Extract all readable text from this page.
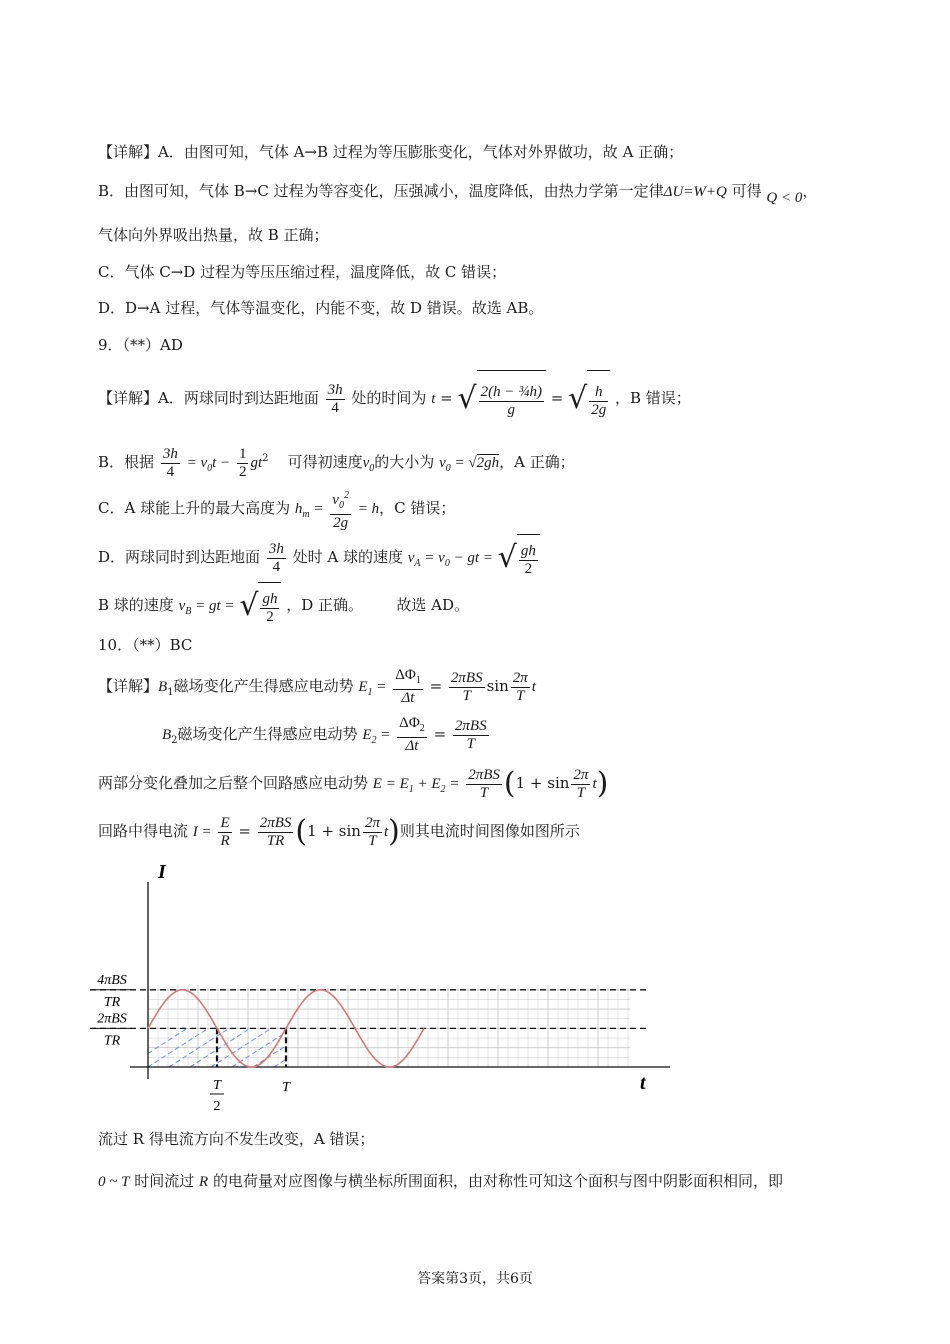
【详解】A．由图可知，气体 A→B 过程为等压膨胀变化，气体对外界做功，故 A 正确；
B．由图可知，气体 B→C 过程为等容变化，压强减小，温度降低，由热力学第一定律ΔU=W+Q 可得 Q < 0，
气体向外界吸出热量，故 B 正确；
C．气体 C→D 过程为等压压缩过程，温度降低，故 C 错误；
D．D→A 过程，气体等温变化，内能不变，故 D 错误。故选 AB。
9．（**）AD
【详解】A．两球同时到达距地面 $\frac{3h}{4}$ 处的时间为 t = √ $\frac{\text{2(h − ¾h)}}{g}$ = √ $\frac{h}{2g}$ ，B 错误；
B．根据 $\frac{3h}{4} = v_0t - \frac{1}{2} gt^2$ 可得初速度$v_0$的大小为 $v_0 = √2gh$，A 正确；
C．A 球能上升的最大高度为 $h_m = \frac{v_0^2}{2g} = h$，C 错误；
D．两球同时到达距地面 $\frac{3h}{4}$ 处时 A 球的速度 $v_A = v_0$ − gt = √ $\frac{gh}{2}$
B 球的速度 $v_B$ = gt = √ $\frac{gh}{2}$ ，D 正确。 故选 AD。
10．（**）BC
【详解】$B_1$磁场变化产生得感应电动势 $E_1 = \frac{\Delta\Phi_1}{\Delta t} = \frac{\text{2πBS}}{T}$ $\sin \frac{2\pi}{T}$ t
$B_2$磁场变化产生得感应电动势 $E_2 = \frac{\Delta\Phi_2}{\Delta t} = \frac{\text{2πBS}}{T}$
两部分变化叠加之后整个回路感应电动势 $E = E_1 + E_2 = \frac{\text{2πBS}}{T} (1 + \sin \frac{2\pi}{T} t)$
回路中得电流 $I = \frac{E}{R} = \frac{\text{2πBS}}{TR} (1 + \sin \frac{2\pi}{T} t)$则其电流时间图像如图所示
I
t
4πBS
TR
2πBS
TR
T
2
T
流过 R 得电流方向不发生改变，A 错误；
0 ~ T 时间流过 R 的电荷量对应图像与横坐标所围面积，由对称性可知这个面积与图中阴影面积相同，即
答案第3页，共6页
